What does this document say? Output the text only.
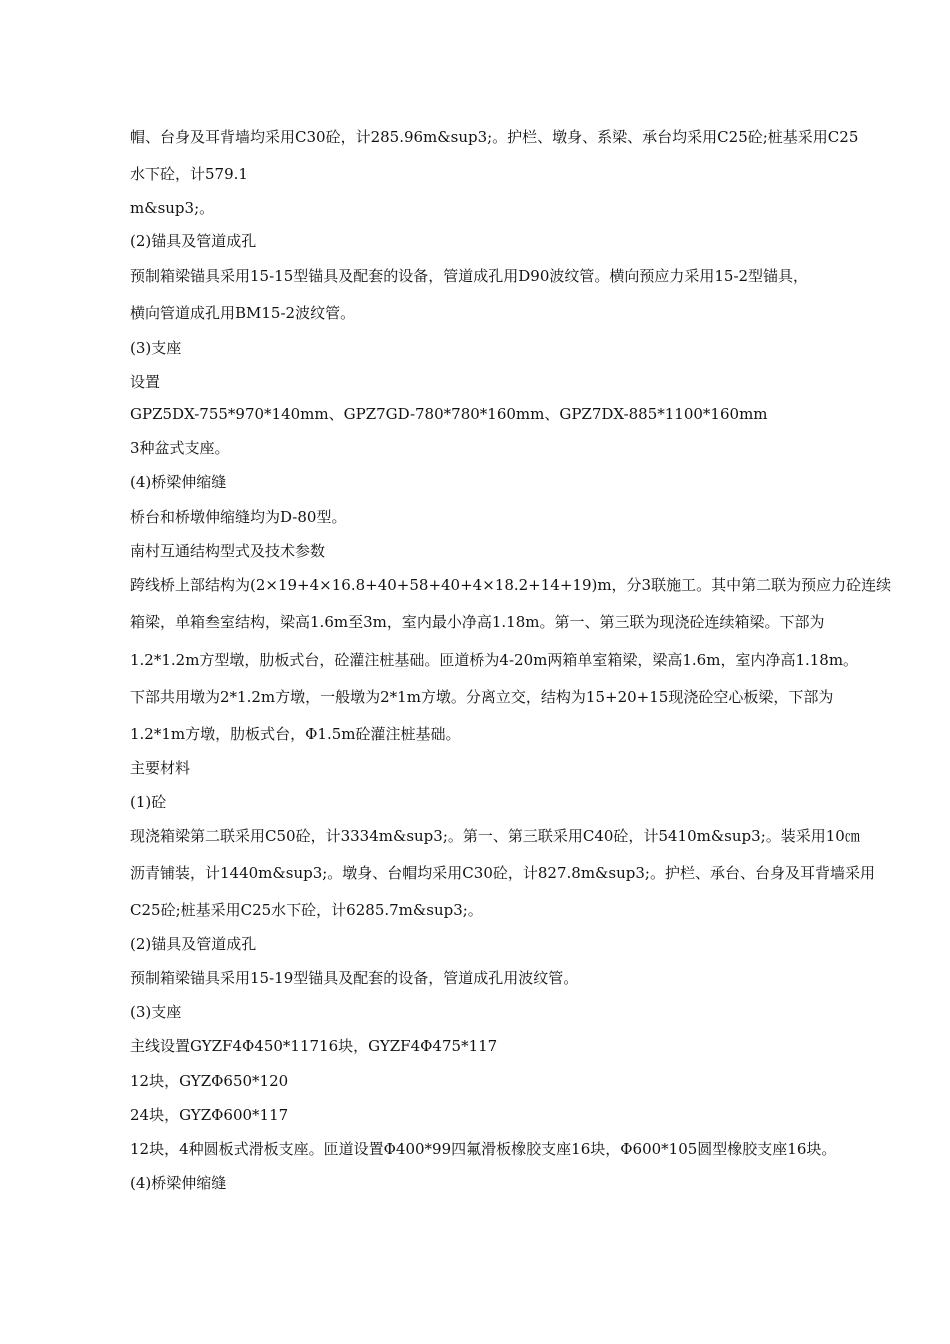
帽、台身及耳背墙均采用C30砼，计285.96m&sup3;。护栏、墩身、系梁、承台均采用C25砼;桩基采用C25
水下砼，计579.1
m&sup3;。
(2)锚具及管道成孔
预制箱梁锚具采用15-15型锚具及配套的设备，管道成孔用D90波纹管。横向预应力采用15-2型锚具，
横向管道成孔用BM15-2波纹管。
(3)支座
设置
GPZ5DX-755*970*140mm、GPZ7GD-780*780*160mm、GPZ7DX-885*1100*160mm
3种盆式支座。
(4)桥梁伸缩缝
桥台和桥墩伸缩缝均为D-80型。
南村互通结构型式及技术参数
跨线桥上部结构为(2×19+4×16.8+40+58+40+4×18.2+14+19)m，分3联施工。其中第二联为预应力砼连续
箱梁，单箱叁室结构，梁高1.6m至3m，室内最小净高1.18m。第一、第三联为现浇砼连续箱梁。下部为
1.2*1.2m方型墩，肋板式台，砼灌注桩基础。匝道桥为4-20m两箱单室箱梁，梁高1.6m，室内净高1.18m。
下部共用墩为2*1.2m方墩，一般墩为2*1m方墩。分离立交，结构为15+20+15现浇砼空心板梁，下部为
1.2*1m方墩，肋板式台，Φ1.5m砼灌注桩基础。
主要材料
(1)砼
现浇箱梁第二联采用C50砼，计3334m&sup3;。第一、第三联采用C40砼，计5410m&sup3;。装采用10㎝
沥青铺装，计1440m&sup3;。墩身、台帽均采用C30砼，计827.8m&sup3;。护栏、承台、台身及耳背墙采用
C25砼;桩基采用C25水下砼，计6285.7m&sup3;。
(2)锚具及管道成孔
预制箱梁锚具采用15-19型锚具及配套的设备，管道成孔用波纹管。
(3)支座
主线设置GYZF4Φ450*11716块，GYZF4Φ475*117
12块，GYZΦ650*120
24块，GYZΦ600*117
12块，4种圆板式滑板支座。匝道设置Φ400*99四氟滑板橡胶支座16块，Φ600*105圆型橡胶支座16块。
(4)桥梁伸缩缝
